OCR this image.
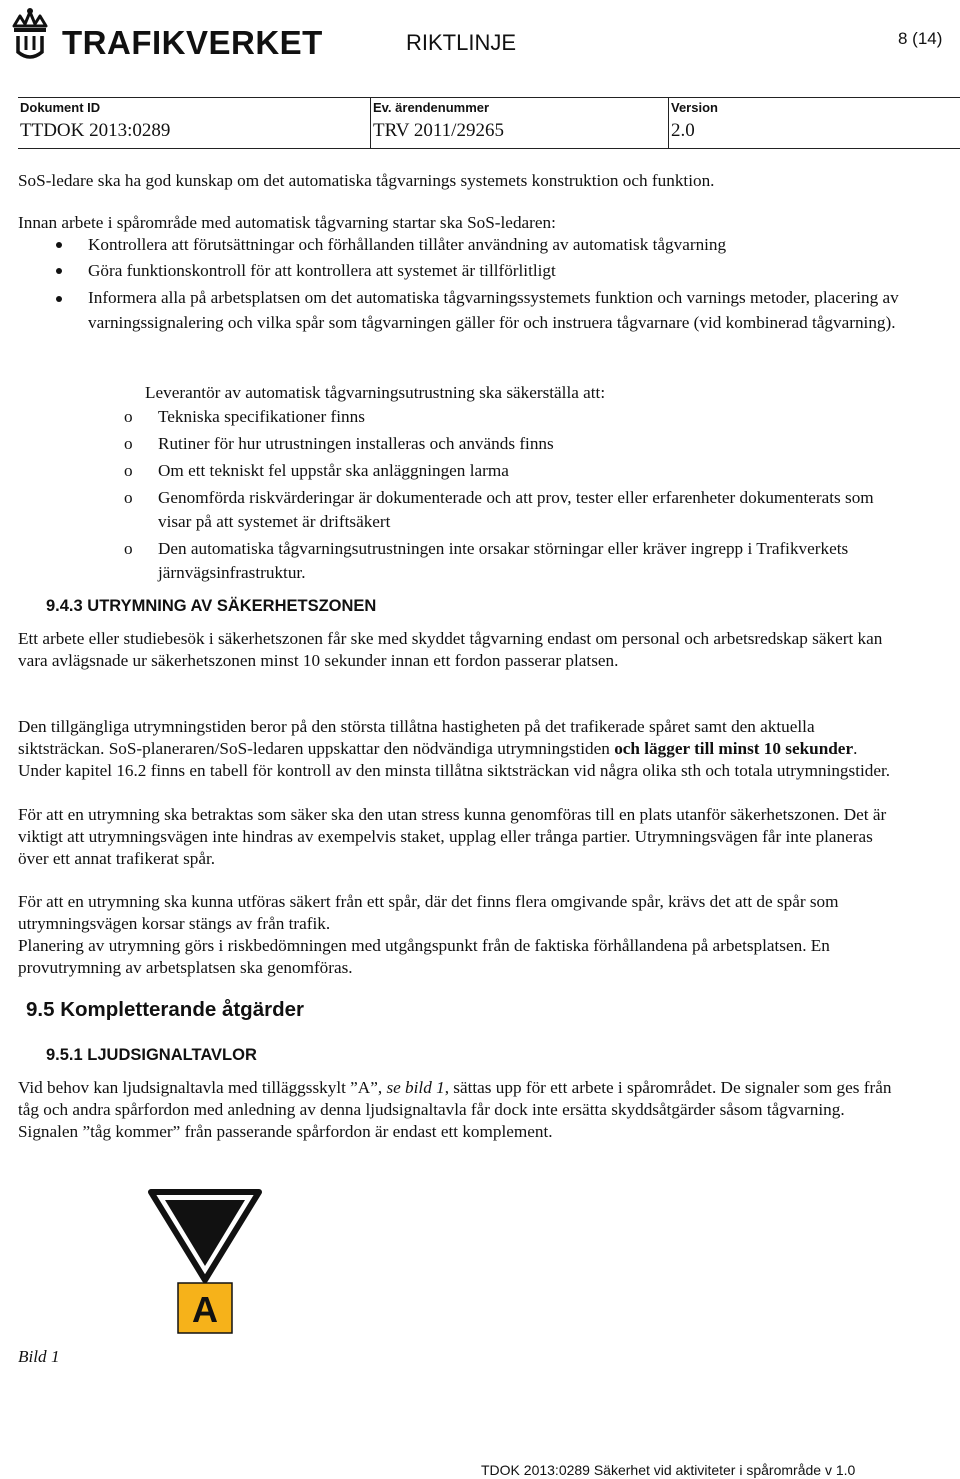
TRAFIKVERKET	RIKTLINJE	8 (14)
Dokument ID
TTDOK 2013:0289
Ev. ärendenummer
TRV 2011/29265
Version
2.0

SoS-ledare ska ha god kunskap om det automatiska tågvarnings systemets konstruktion och funktion.

Innan arbete i spårområde med automatisk tågvarning startar ska SoS-ledaren:

Kontrollera att förutsättningar och förhållanden tillåter användning av automatisk tågvarning
Göra funktionskontroll för att kontrollera att systemet är tillförlitligt
Informera alla på arbetsplatsen om det automatiska tågvarningssystemets funktion och varnings metoder, placering av varningssignalering och vilka spår som tågvarningen gäller för och instruera tågvarnare (vid kombinerad tågvarning).

Leverantör av automatisk tågvarningsutrustning ska säkerställa att:

o Tekniska specifikationer finns
o Rutiner för hur utrustningen installeras och används finns
o Om ett tekniskt fel uppstår ska anläggningen larma
o Genomförda riskvärderingar är dokumenterade och att prov, tester eller erfarenheter dokumenterats som visar på att systemet är driftsäkert
o Den automatiska tågvarningsutrustningen inte orsakar störningar eller kräver ingrepp i Trafikverkets järnvägsinfrastruktur.
9.4.3 UTRYMNING AV SÄKERHETSZONEN

Ett arbete eller studiebesök i säkerhetszonen får ske med skyddet tågvarning endast om personal och arbetsredskap säkert kan vara avlägsnade ur säkerhetszonen minst 10 sekunder innan ett fordon passerar platsen.

Den tillgängliga utrymningstiden beror på den största tillåtna hastigheten på det trafikerade spåret samt den aktuella siktsträckan. SoS-planeraren/SoS-ledaren uppskattar den nödvändiga utrymningstiden och lägger till minst 10 sekunder. Under kapitel 16.2 finns en tabell för kontroll av den minsta tillåtna siktsträckan vid några olika sth och totala utrymningstider.

För att en utrymning ska betraktas som säker ska den utan stress kunna genomföras till en plats utanför säkerhetszonen. Det är viktigt att utrymningsvägen inte hindras av exempelvis staket, upplag eller trånga partier. Utrymningsvägen får inte planeras över ett annat trafikerat spår.

För att en utrymning ska kunna utföras säkert från ett spår, där det finns flera omgivande spår, krävs det att de spår som utrymningsvägen korsar stängs av från trafik.

Planering av utrymning görs i riskbedömningen med utgångspunkt från de faktiska förhållandena på arbetsplatsen. En provutrymning av arbetsplatsen ska genomföras.

9.5 Kompletterande åtgärder
9.5.1 LJUDSIGNALTAVLOR

Vid behov kan ljudsignaltavla med tilläggsskylt ”A”, se bild 1, sättas upp för ett arbete i spårområdet. De signaler som ges från tåg och andra spårfordon med anledning av denna ljudsignaltavla får dock inte ersätta skyddsåtgärder såsom tågvarning. Signalen ”tåg kommer” från passerande spårfordon är endast ett komplement.

A
Bild 1
TDOK 2013:0289 Säkerhet vid aktiviteter i spårområde v 1.0
